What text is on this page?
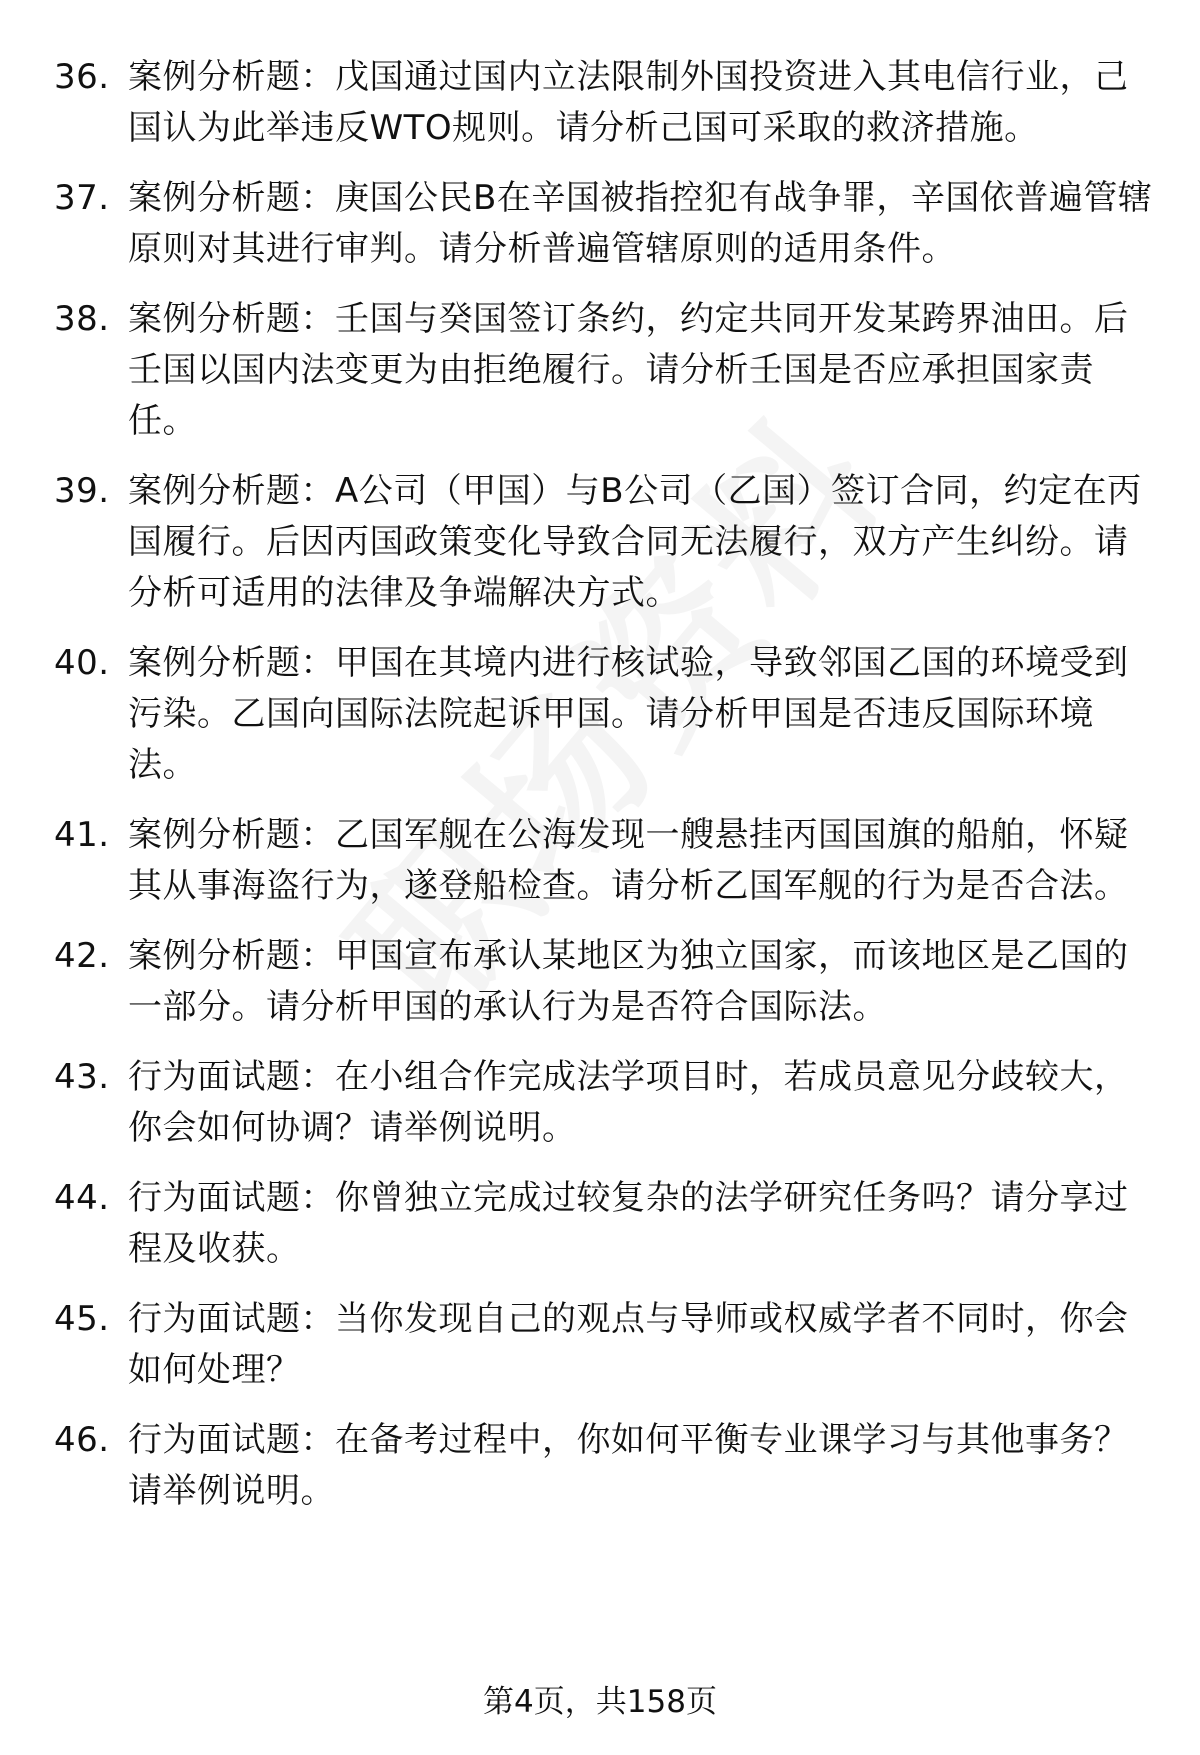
36. 案例分析题：戊国通过国内立法限制外国投资进入其电信行业，己国认为此举违反WTO规则。请分析己国可采取的救济措施。
37. 案例分析题：庚国公民B在辛国被指控犯有战争罪，辛国依普遍管辖原则对其进行审判。请分析普遍管辖原则的适用条件。
38. 案例分析题：壬国与癸国签订条约，约定共同开发某跨界油田。后壬国以国内法变更为由拒绝履行。请分析壬国是否应承担国家责任。
39. 案例分析题：A公司（甲国）与B公司（乙国）签订合同，约定在丙国履行。后因丙国政策变化导致合同无法履行，双方产生纠纷。请分析可适用的法律及争端解决方式。
40. 案例分析题：甲国在其境内进行核试验，导致邻国乙国的环境受到污染。乙国向国际法院起诉甲国。请分析甲国是否违反国际环境法。
41. 案例分析题：乙国军舰在公海发现一艘悬挂丙国国旗的船舶，怀疑其从事海盗行为，遂登船检查。请分析乙国军舰的行为是否合法。
42. 案例分析题：甲国宣布承认某地区为独立国家，而该地区是乙国的一部分。请分析甲国的承认行为是否符合国际法。
43. 行为面试题：在小组合作完成法学项目时，若成员意见分歧较大，你会如何协调？请举例说明。
44. 行为面试题：你曾独立完成过较复杂的法学研究任务吗？请分享过程及收获。
45. 行为面试题：当你发现自己的观点与导师或权威学者不同时，你会如何处理？
46. 行为面试题：在备考过程中，你如何平衡专业课学习与其他事务？请举例说明。
第4页，共158页
